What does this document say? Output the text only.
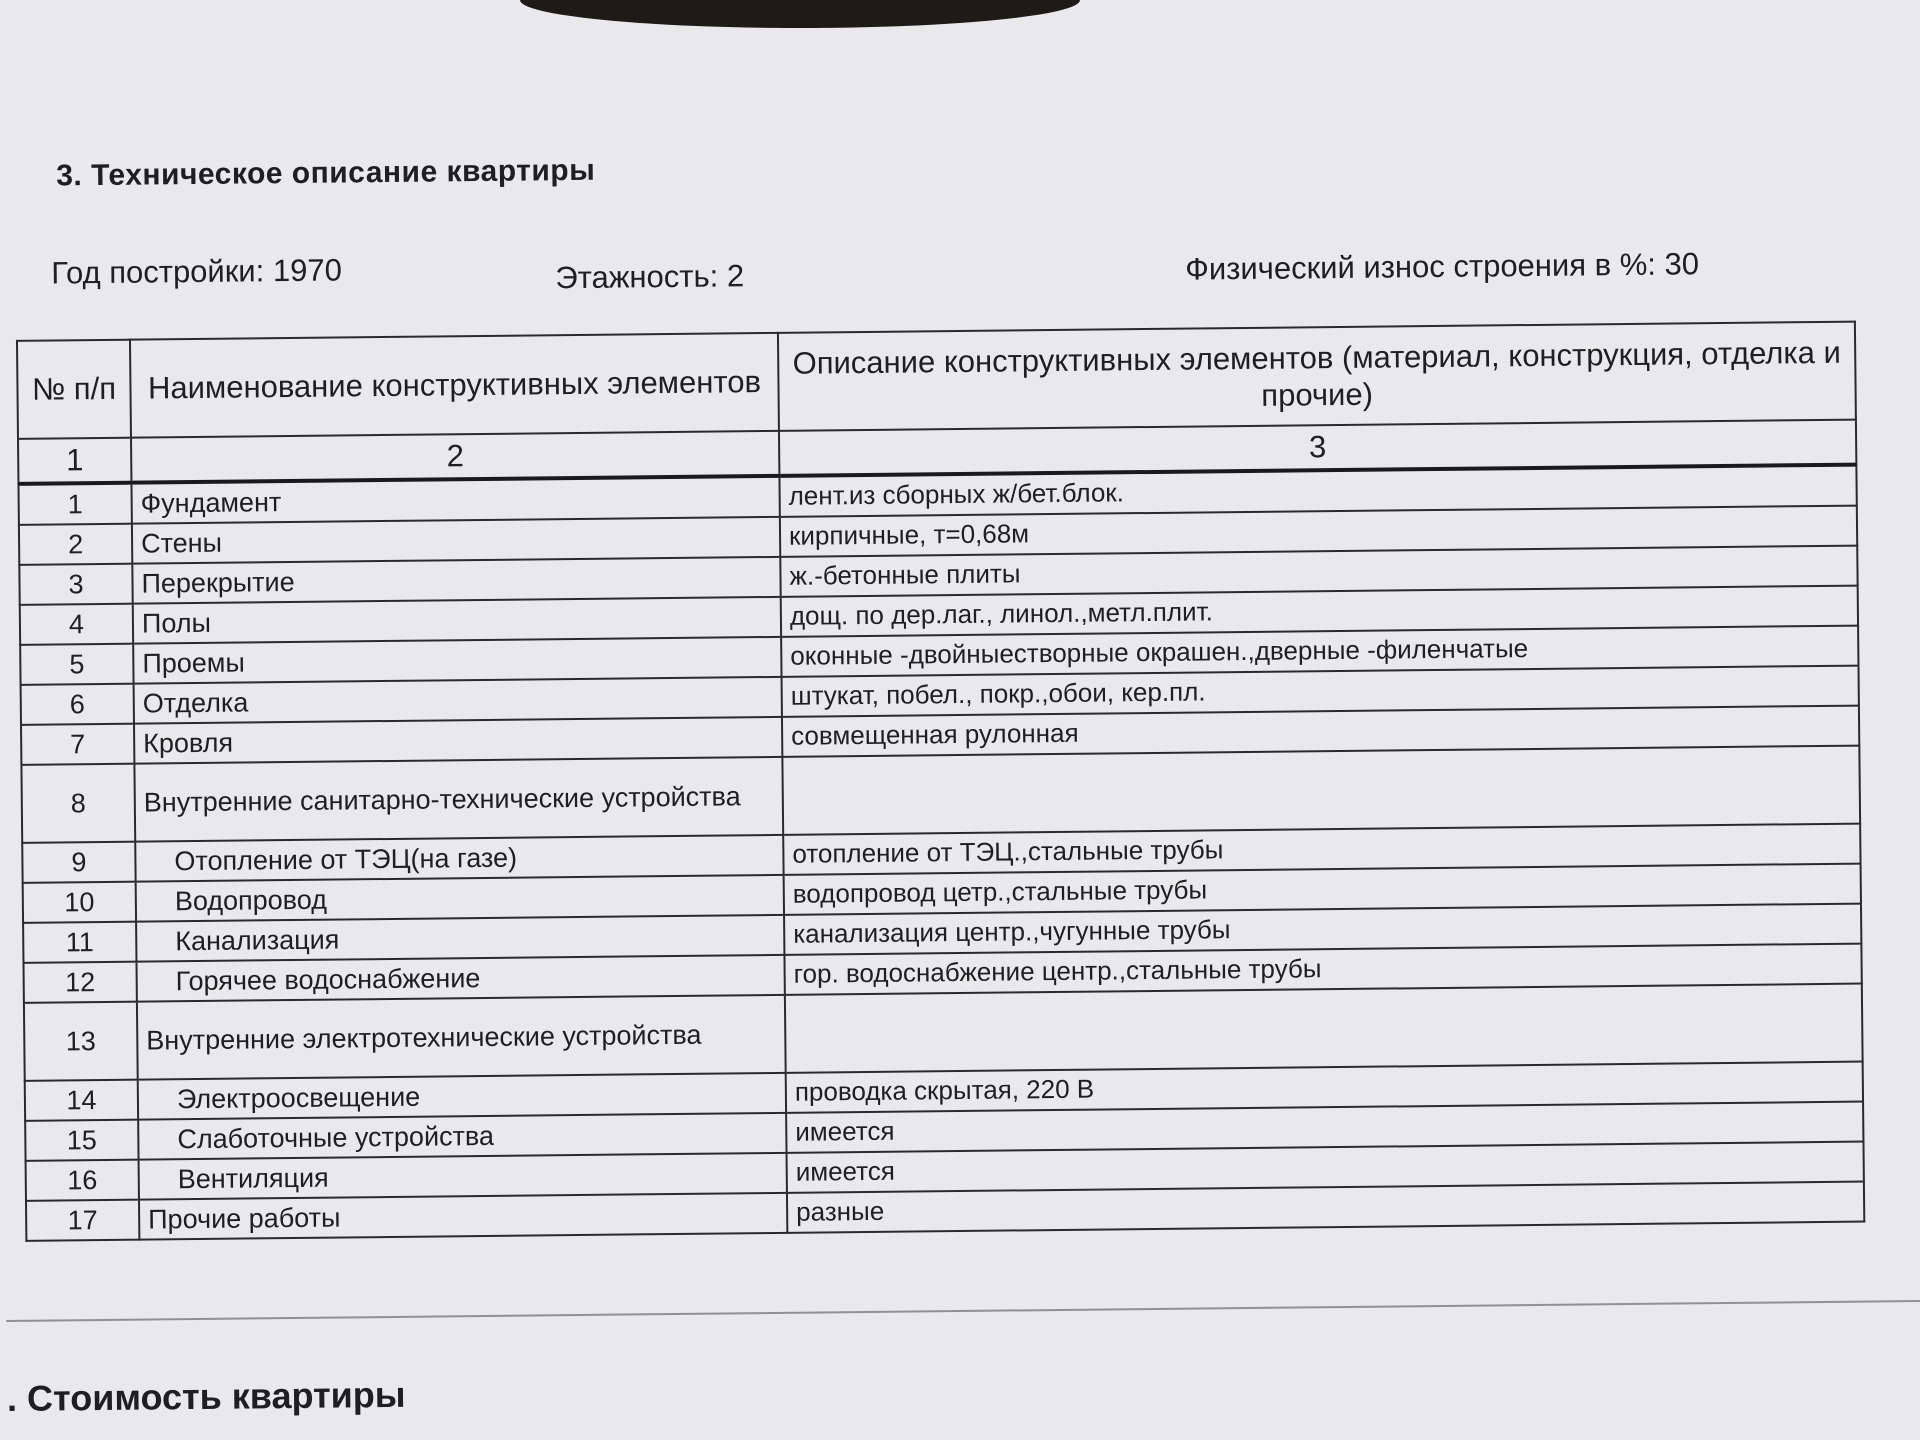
3. Техническое описание квартиры
Год постройки: 1970	Этажность: 2	Физический износ строения в %: 30
№ п/п	Наименование конструктивных элементов	Описание конструктивных элементов (материал, конструкция, отделка и прочие)
1	2	3
1	Фундамент	лент.из сборных ж/бет.блок.
2	Стены	кирпичные, т=0,68м
3	Перекрытие	ж.-бетонные плиты
4	Полы	дощ. по дер.лаг., линол.,метл.плит.
5	Проемы	оконные -двойныестворные окрашен.,дверные -филенчатые
6	Отделка	штукат, побел., покр.,обои, кер.пл.
7	Кровля	совмещенная рулонная
8	Внутренние санитарно-технические устройства	
9	Отопление от ТЭЦ(на газе)	отопление от ТЭЦ.,стальные трубы
10	Водопровод	водопровод цетр.,стальные трубы
11	Канализация	канализация центр.,чугунные трубы
12	Горячее водоснабжение	гор. водоснабжение центр.,стальные трубы
13	Внутренние электротехнические устройства	
14	Электроосвещение	проводка скрытая, 220 В
15	Слаботочные устройства	имеется
16	Вентиляция	имеется
17	Прочие работы	разные
. Стоимость квартиры
